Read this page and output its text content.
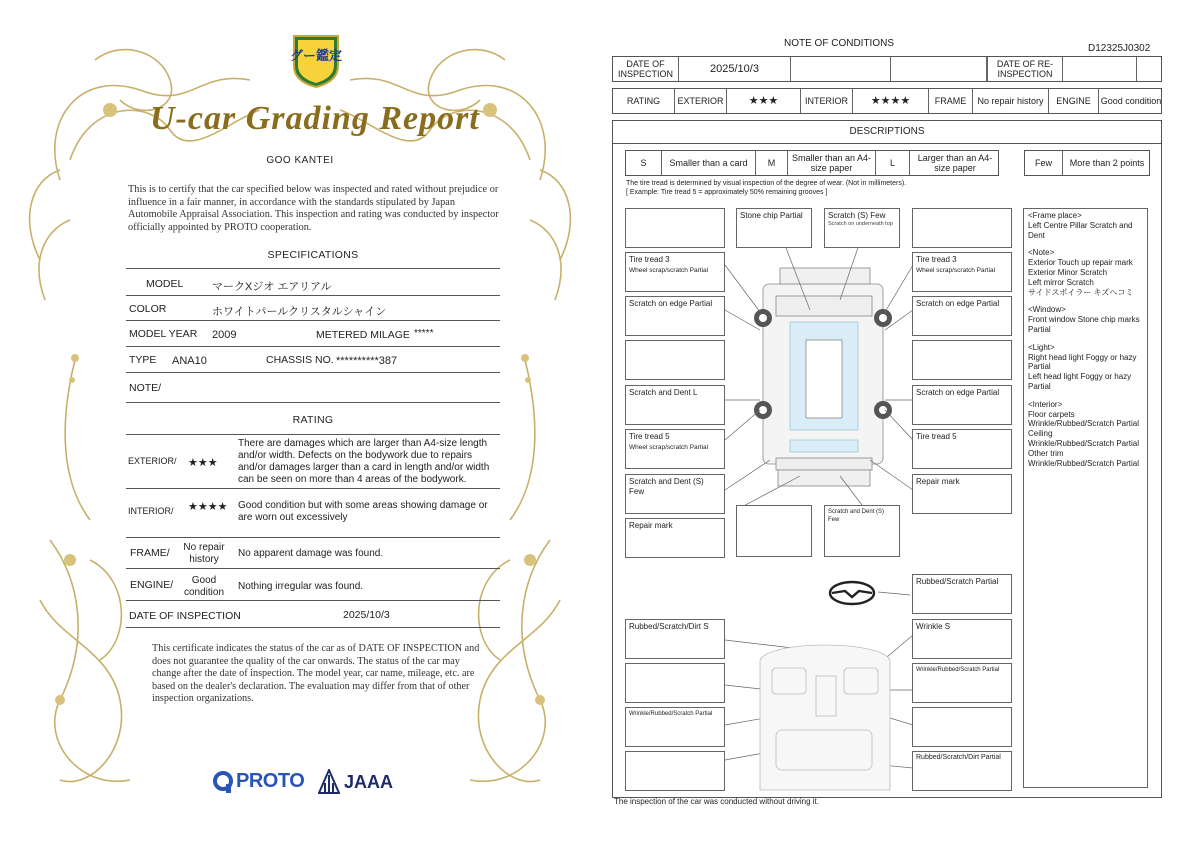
グー鑑定
U-car Grading Report
GOO KANTEI
This is to certify that the car specified below was inspected and rated without prejudice or influence in a fair manner, in accordance with the standards stipulated by Japan Automobile Appraisal Association. This inspection and rating was conducted by inspector officially appointed by PROTO cooperation.
SPECIFICATIONS
MODEL	マークXジオ エアリアル
COLOR	ホワイトパールクリスタルシャイン
MODEL YEAR 2009	METERED MILAGE *****
TYPE ANA10	CHASSIS NO. **********387
NOTE/
RATING
EXTERIOR/ ★★★
There are damages which are larger than A4-size length and/or width. Defects on the bodywork due to repairs and/or damages larger than a card in length and/or width can be seen on more than 4 areas of the bodywork.
INTERIOR/ ★★★★ Good condition but with some areas showing damage or are worn out excessively
FRAME/	No repair history
No apparent damage was found.
ENGINE/	Good condition
Nothing irregular was found.
DATE OF INSPECTION	2025/10/3
This certificate indicates the status of the car as of DATE OF INSPECTION and does not guarantee the quality of the car onwards. The status of the car may change after the date of inspection. The model year, car name, mileage, etc. are based on the dealer's declaration. The evaluation may differ from that of other inspection organizations.
PROTO JAAA
NOTE OF CONDITIONS	D12325J0302
DATE OF INSPECTION	2025/10/3	DATE OF RE-INSPECTION
RATING	EXTERIOR	★★★	INTERIOR	★★★★	FRAME	No repair history	ENGINE	Good condition
DESCRIPTIONS
S	Smaller than a card	M	Smaller than an A4-size paper	L	Larger than an A4-size paper	Few	More than 2 points
The tire tread is determined by visual inspection of the degree of wear. (Not in millimeters).
[ Example: Tire tread 5 = approximately 50% remaining grooves ]
Tire tread 3
Wheel scrap/scratch Partial
Scratch on edge Partial
Scratch and Dent L
Tire tread 5
Wheel scrap/scratch Partial
Scratch and Dent (S) Few
Repair mark
Stone chip Partial	Scratch (S) Few
Scratch on underneath top
Scratch and Dent (S) Few
Tire tread 3
Wheel scrap/scratch Partial
Scratch on edge Partial
Scratch on edge Partial
Tire tread 5
Repair mark
Rubbed/Scratch Partial
Rubbed/Scratch/Dirt S	Wrinkle S
Wrinkle/Rubbed/Scratch Partial
Wrinkle/Rubbed/Scratch Partial
Rubbed/Scratch/Dirt Partial
<Frame place>
Left Centre Pillar Scratch and Dent
<Note>
Exterior Touch up repair mark
Exterior Minor Scratch
Left mirror Scratch
サイドスポイラー キズヘコミ
<Window>
Front window Stone chip marks Partial
<Light>
Right head light Foggy or hazy Partial
Left head light Foggy or hazy Partial
<Interior>
Floor carpets
Wrinkle/Rubbed/Scratch Partial
Ceiling
Wrinkle/Rubbed/Scratch Partial
Other trim
Wrinkle/Rubbed/Scratch Partial
The inspection of the car was conducted without driving it.
